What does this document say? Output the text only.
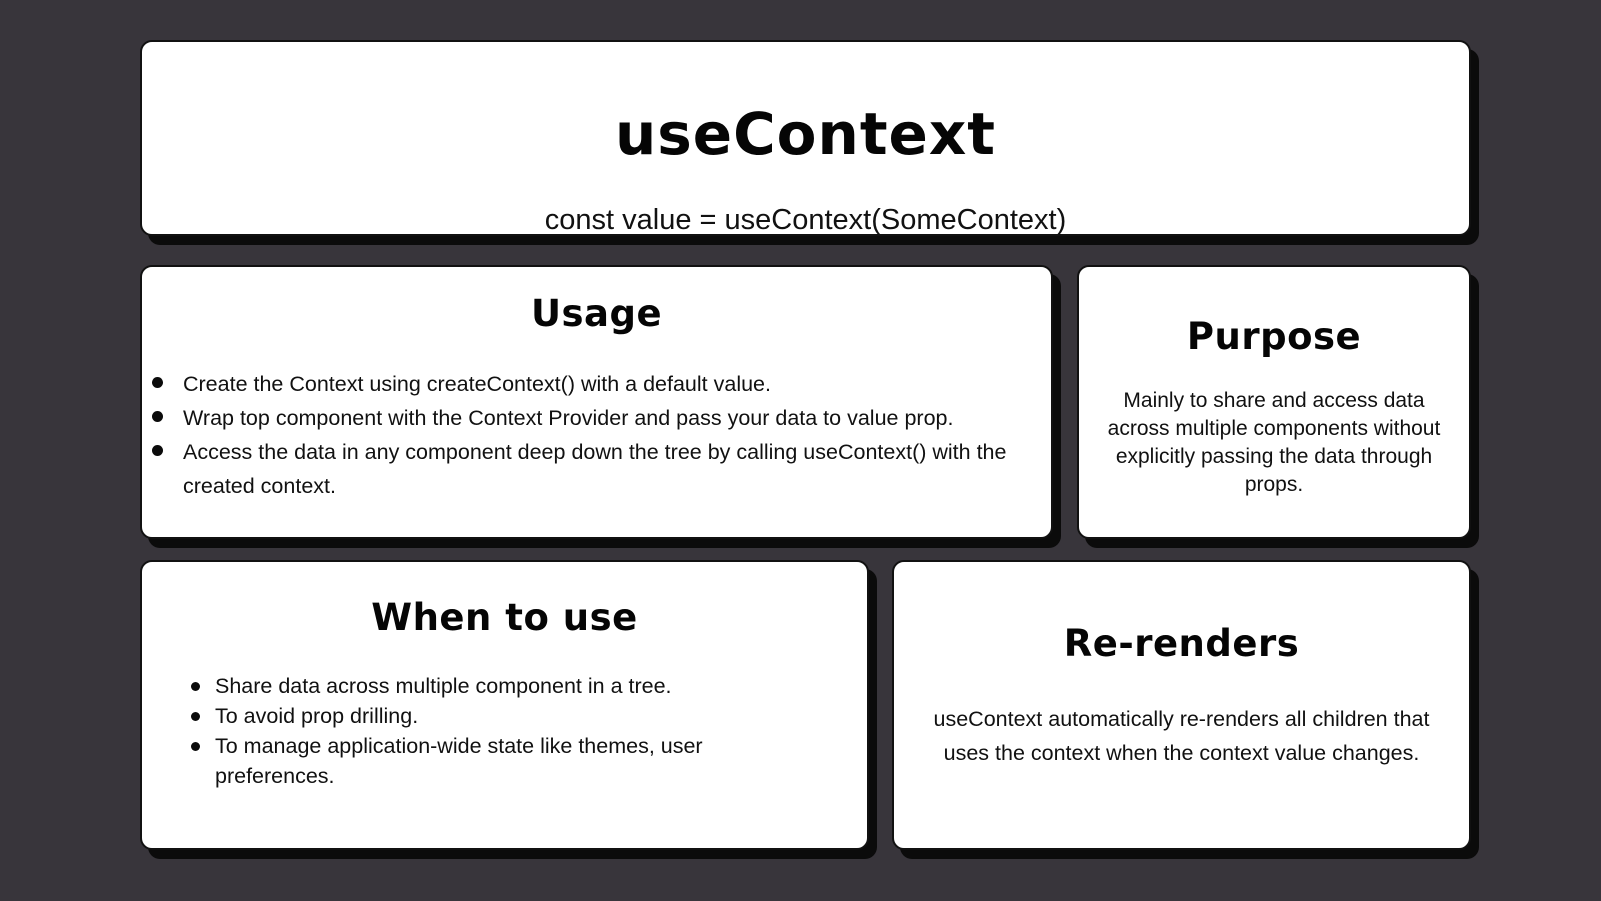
useContext
const value = useContext(SomeContext)
Usage
Create the Context using createContext() with a default value.
Wrap top component with the Context Provider and pass your data to value prop.
Access the data in any component deep down the tree by calling useContext() with the created context.
Purpose

Mainly to share and access data across multiple components without explicitly passing the data through props.

When to use
Share data across multiple component in a tree.
To avoid prop drilling.
To manage application-wide state like themes, user preferences.
Re-renders

useContext automatically re-renders all children that uses the context when the context value changes.
